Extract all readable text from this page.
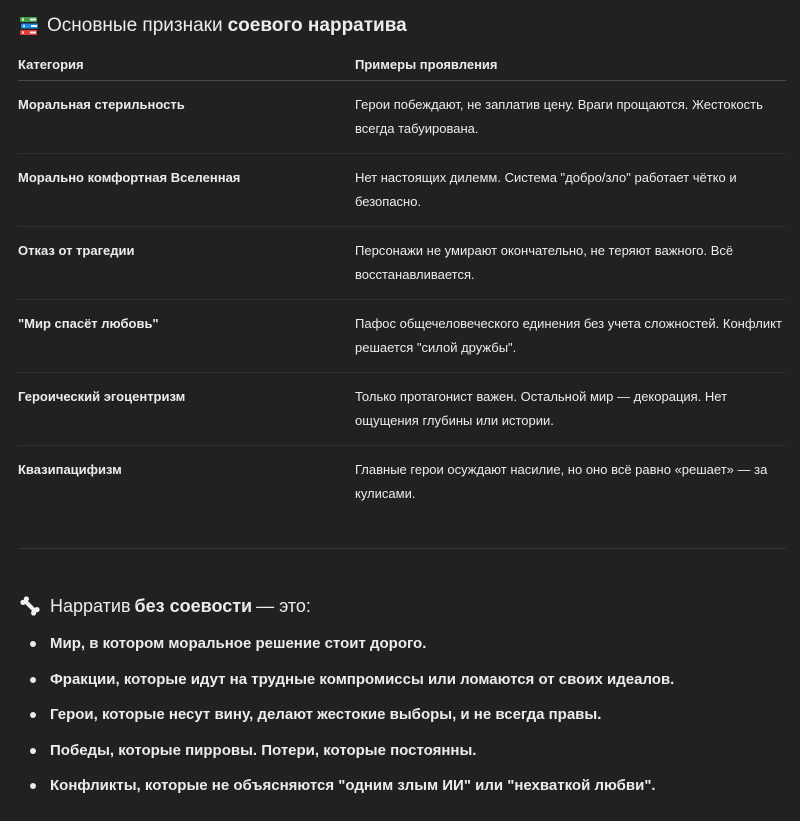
Основные признаки соевого нарратива
Категория	Примеры проявления
Моральная стерильность	Герои побеждают, не заплатив цену. Враги прощаются. Жестокость всегда табуирована.
Морально комфортная Вселенная	Нет настоящих дилемм. Система "добро/зло" работает чётко и безопасно.
Отказ от трагедии	Персонажи не умирают окончательно, не теряют важного. Всё восстанавливается.
"Мир спасёт любовь"	Пафос общечеловеческого единения без учета сложностей. Конфликт решается "силой дружбы".
Героический эгоцентризм	Только протагонист важен. Остальной мир — декорация. Нет ощущения глубины или истории.
Квазипацифизм	Главные герои осуждают насилие, но оно всё равно «решает» — за кулисами.
Нарратив без соевости — это:
Мир, в котором моральное решение стоит дорого.
Фракции, которые идут на трудные компромиссы или ломаются от своих идеалов.
Герои, которые несут вину, делают жестокие выборы, и не всегда правы.
Победы, которые пирровы. Потери, которые постоянны.
Конфликты, которые не объясняются "одним злым ИИ" или "нехваткой любви".
